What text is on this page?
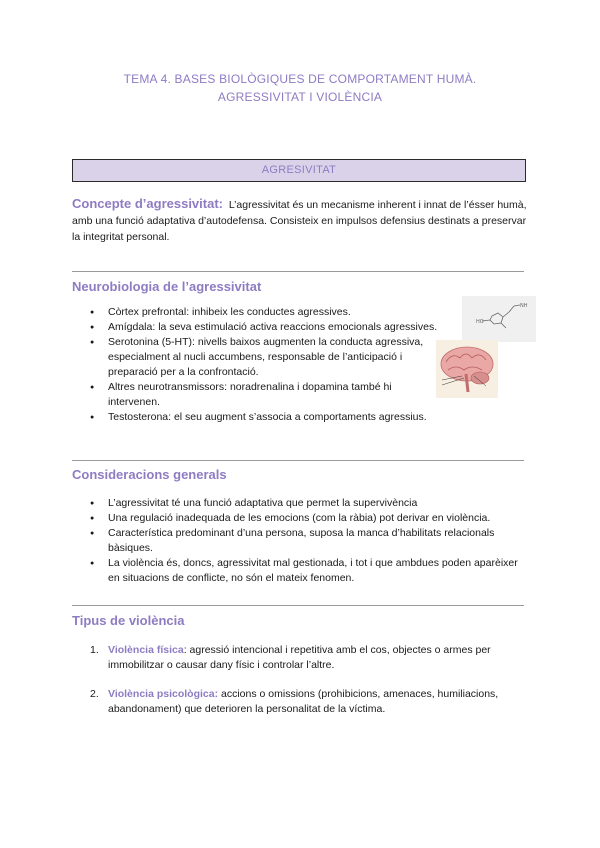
TEMA 4. BASES BIOLÒGIQUES DE COMPORTAMENT HUMÀ. AGRESSIVITAT I VIOLÈNCIA
AGRESIVITAT
Concepte d’agressivitat: L’agressivitat és un mecanisme inherent i innat de l’ésser humà, amb una funció adaptativa d’autodefensa. Consisteix en impulsos defensius destinats a preservar la integritat personal.
Neurobiologia de l’agressivitat
HO
NH
● Còrtex prefrontal: inhibeix les conductes agressives.
● Amígdala: la seva estimulació activa reaccions emocionals agressives.
● Serotonina (5-HT): nivells baixos augmenten la conducta agressiva, especialment al nucli accumbens, responsable de l’anticipació i preparació per a la confrontació.
● Altres neurotransmissors: noradrenalina i dopamina també hi intervenen.
● Testosterona: el seu augment s’associa a comportaments agressius.
Consideracions generals
● L’agressivitat té una funció adaptativa que permet la supervivència
● Una regulació inadequada de les emocions (com la ràbia) pot derivar en violència.
● Característica predominant d’una persona, suposa la manca d’habilitats relacionals bàsiques.
● La violència és, doncs, agressivitat mal gestionada, i tot i que ambdues poden aparèixer en situacions de conflicte, no són el mateix fenomen.
Tipus de violència
1. Violència física: agressió intencional i repetitiva amb el cos, objectes o armes per immobilitzar o causar dany físic i controlar l’altre.
2. Violència psicològica: accions o omissions (prohibicions, amenaces, humiliacions, abandonament) que deterioren la personalitat de la víctima.
